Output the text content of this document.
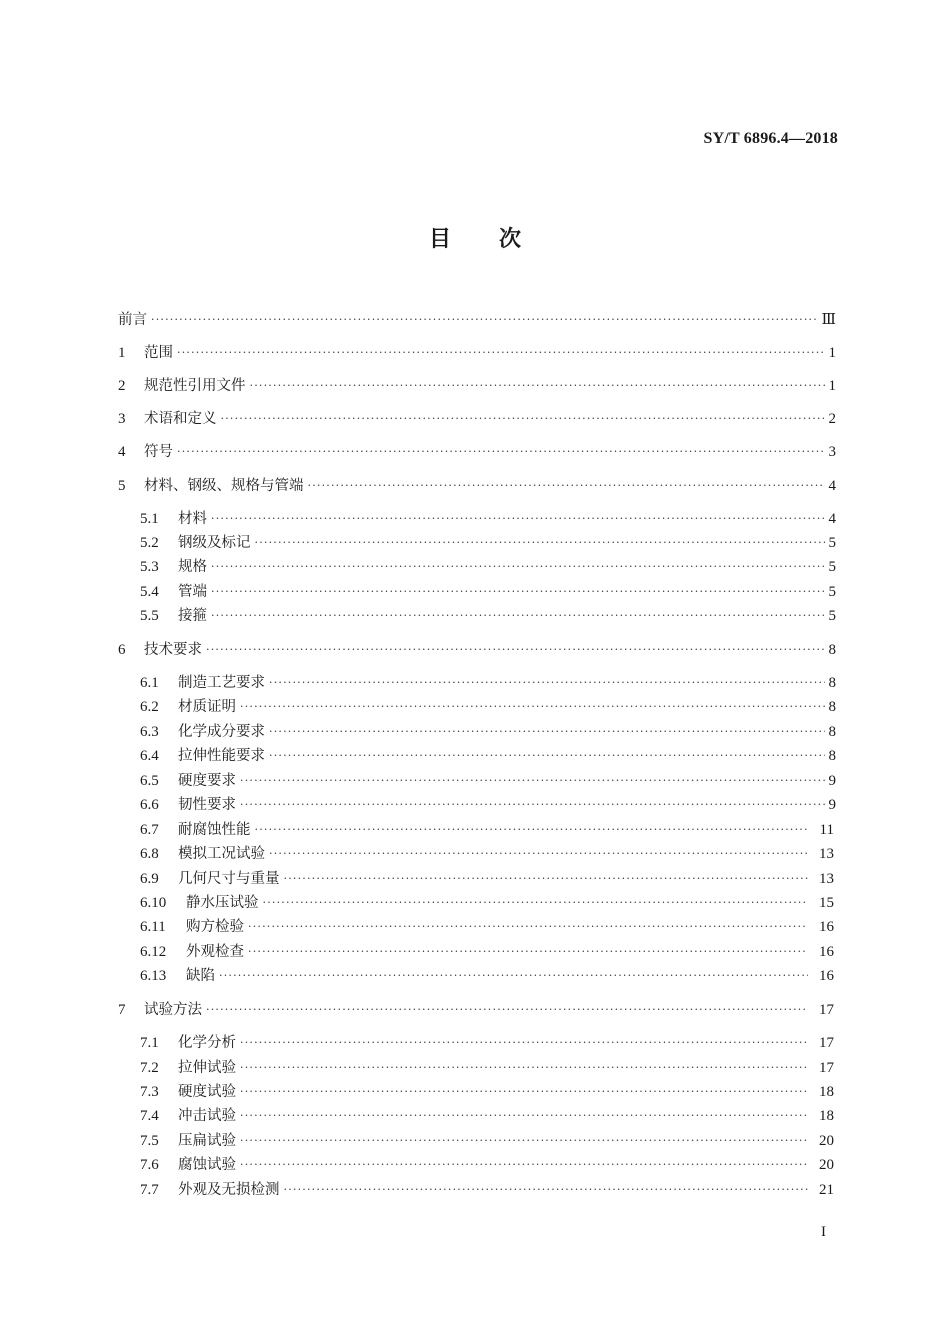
SY/T 6896.4—2018
目次
前言 ·····	Ⅲ
1	范围 ·····	1
2	规范性引用文件 ·····	1
3	术语和定义 ·····	2
4	符号 ·····	3
5	材料、钢级、规格与管端 ·····	4
5.1	材料 ·····	4
5.2	钢级及标记 ·····	5
5.3	规格 ·····	5
5.4	管端 ·····	5
5.5	接箍 ·····	5
6	技术要求 ·····	8
6.1	制造工艺要求 ·····	8
6.2	材质证明 ·····	8
6.3	化学成分要求 ·····	8
6.4	拉伸性能要求 ·····	8
6.5	硬度要求 ·····	9
6.6	韧性要求 ·····	9
6.7	耐腐蚀性能 ·····	11
6.8	模拟工况试验 ·····	13
6.9	几何尺寸与重量 ·····	13
6.10	静水压试验 ·····	15
6.11	购方检验 ·····	16
6.12	外观检查 ·····	16
6.13	缺陷 ·····	16
7	试验方法 ·····	17
7.1	化学分析 ·····	17
7.2	拉伸试验 ·····	17
7.3	硬度试验 ·····	18
7.4	冲击试验 ·····	18
7.5	压扁试验 ·····	20
7.6	腐蚀试验 ·····	20
7.7	外观及无损检测 ·····	21
I
